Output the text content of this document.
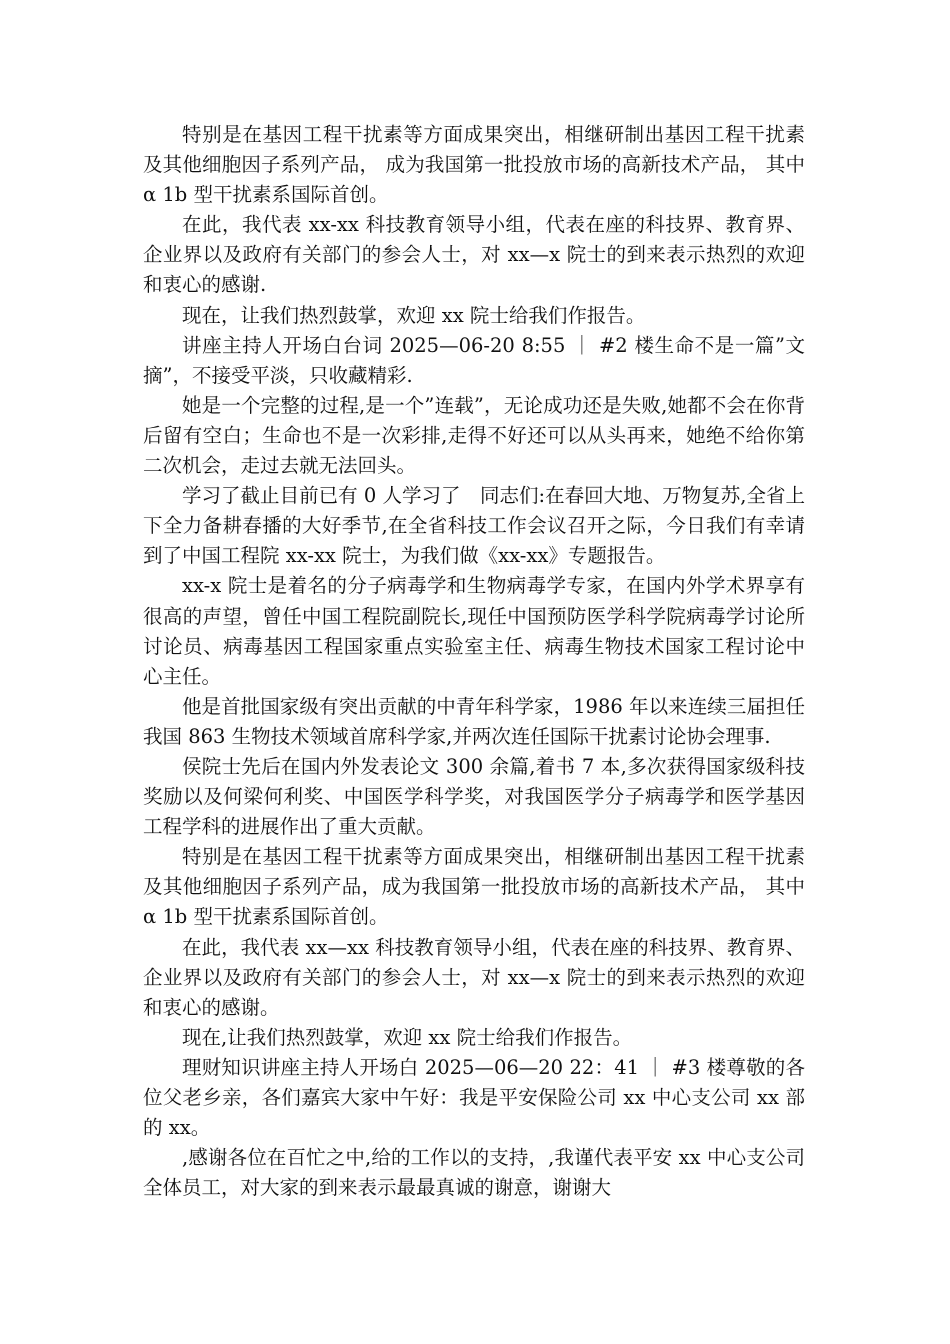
特别是在基因工程干扰素等方面成果突出，相继研制出基因工程干扰素及其他细胞因子系列产品， 成为我国第一批投放市场的高新技术产品， 其中 α 1b 型干扰素系国际首创。

在此，我代表 xx-xx 科技教育领导小组，代表在座的科技界、教育界、企业界以及政府有关部门的参会人士，对 xx—x 院士的到来表示热烈的欢迎和衷心的感谢.

现在，让我们热烈鼓掌，欢迎 xx 院士给我们作报告。

讲座主持人开场白台词 2025—06-20 8:55 ｜ #2 楼生命不是一篇”文摘”，不接受平淡，只收藏精彩.

她是一个完整的过程,是一个”连载”，无论成功还是失败,她都不会在你背后留有空白；生命也不是一次彩排,走得不好还可以从头再来，她绝不给你第二次机会，走过去就无法回头。

学习了截止目前已有 0 人学习了　同志们:在春回大地、万物复苏,全省上下全力备耕春播的大好季节,在全省科技工作会议召开之际，今日我们有幸请到了中国工程院 xx-xx 院士，为我们做《xx-xx》专题报告。

xx-x 院士是着名的分子病毒学和生物病毒学专家，在国内外学术界享有很高的声望，曾任中国工程院副院长,现任中国预防医学科学院病毒学讨论所讨论员、病毒基因工程国家重点实验室主任、病毒生物技术国家工程讨论中心主任。

他是首批国家级有突出贡献的中青年科学家，1986 年以来连续三届担任我国 863 生物技术领域首席科学家,并两次连任国际干扰素讨论协会理事.

侯院士先后在国内外发表论文 300 余篇,着书 7 本,多次获得国家级科技奖励以及何梁何利奖、中国医学科学奖，对我国医学分子病毒学和医学基因工程学科的进展作出了重大贡献。

特别是在基因工程干扰素等方面成果突出，相继研制出基因工程干扰素及其他细胞因子系列产品，成为我国第一批投放市场的高新技术产品， 其中 α 1b 型干扰素系国际首创。

在此，我代表 xx—xx 科技教育领导小组，代表在座的科技界、教育界、企业界以及政府有关部门的参会人士，对 xx—x 院士的到来表示热烈的欢迎和衷心的感谢。

现在,让我们热烈鼓掌，欢迎 xx 院士给我们作报告。

理财知识讲座主持人开场白 2025—06—20 22：41 ｜ #3 楼尊敬的各位父老乡亲，各们嘉宾大家中午好：我是平安保险公司 xx 中心支公司 xx 部的 xx。

,感谢各位在百忙之中,给的工作以的支持，,我谨代表平安 xx 中心支公司全体员工，对大家的到来表示最最真诚的谢意，谢谢大
